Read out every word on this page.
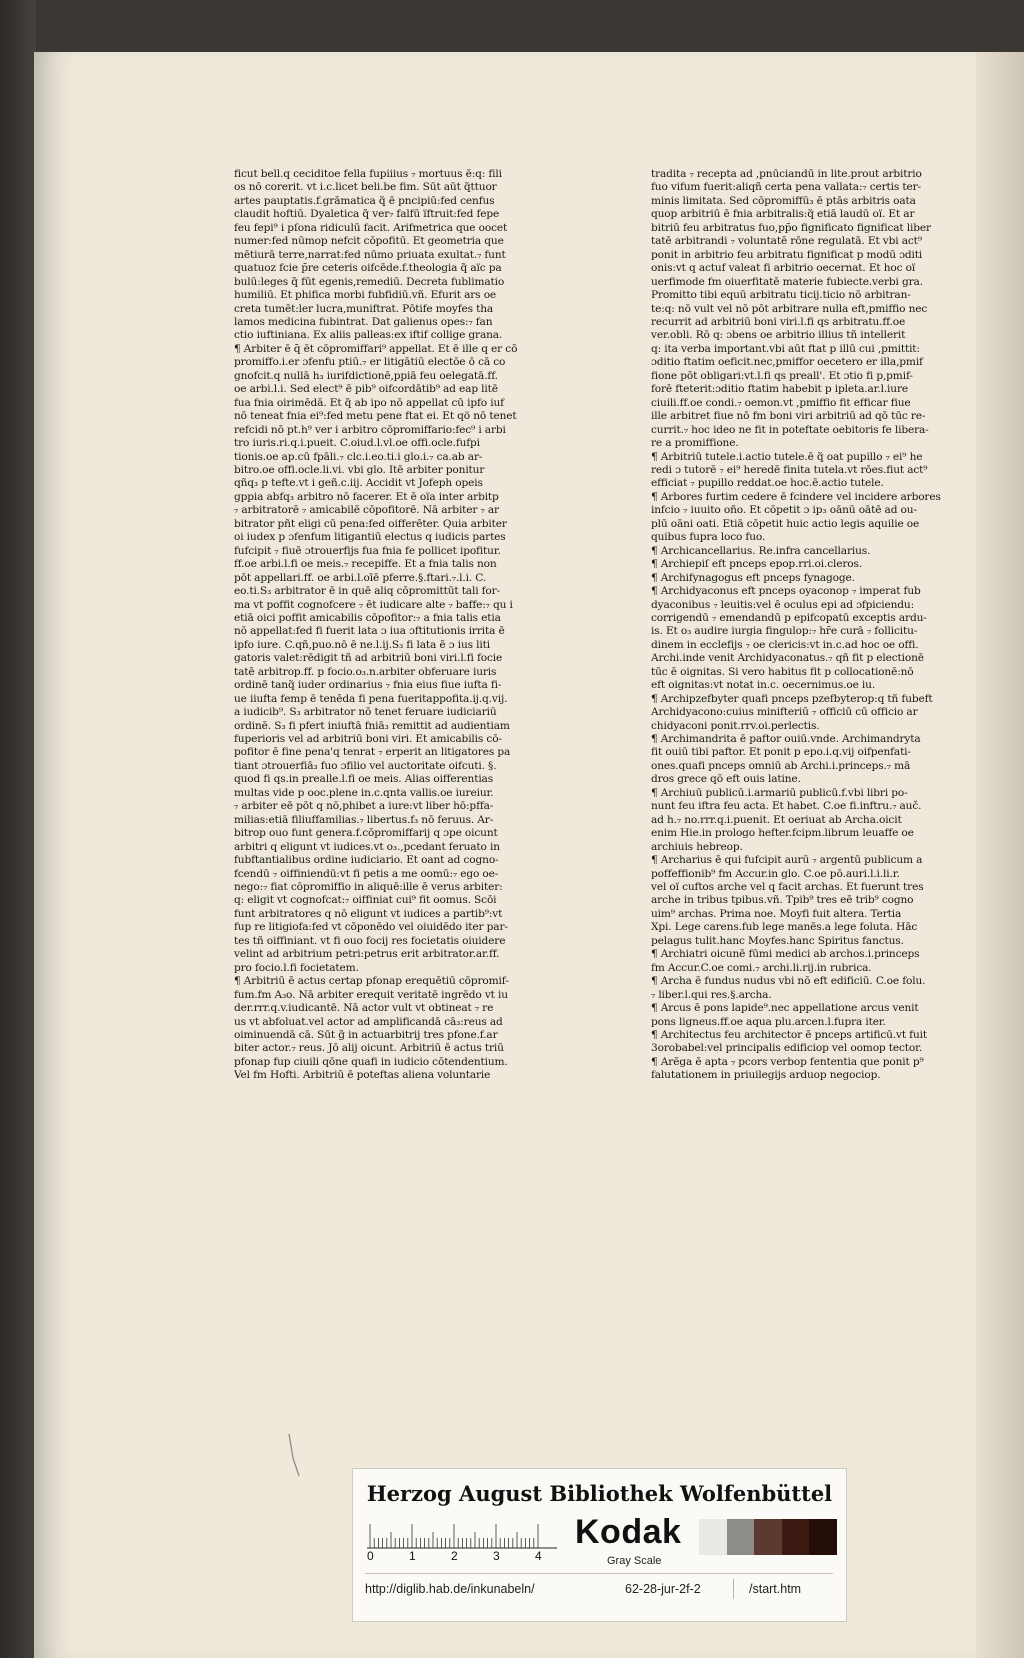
ficut bell.q ceciditoe fella fupiiius ₇ mortuus ē:q: fili

os nō corerit. vt i.c.licet beli.be fim. Sūt aūt q̃ttuor

artes pauptatis.f.grāmatica q̃ ē pncipiū:fed cenfus

claudit hoftiū. Dyaletica q̃ ver₇ falfū ïftruit:fed fepe

feu fepi⁹ i pſona ridiculū facit. Arifmetrica que oocet

numer:fed nūmop nefcit cōpofitū. Et geometria que

mētiurā terre,narrat:fed nūmo priuata exultat.₇ funt

quatuoz fcie p̄re ceteris oifcēde.f.theologia q̃ aïc pa

bulū:leges q̃ fūt egenis,remediū. Decreta fublimatio

humiliū. Et phifica morbi fubfidiū.vñ. Efurit ars oe

creta tumēt:ler lucra,muniftrat. Pōtife moyfes tha

lamos medicina fubintrat. Dat galienus opes:₇ fan

ctio iuftiniana. Ex aliis palleas:ex iftif collige grana.

¶ Arbiter ē q̄ ēt cōpromiffari⁹ appellat. Et ē ille q er cō

promiffo.i.er ɔfenfu ptiū.₇ er litigātiū electōe ō cā co

gnofcit.q nullā h₃ iurifdictionē,ppiā feu oelegatā.ff.

oe arbi.l.i. Sed elect⁹ ē pib⁹ oifcordātib⁹ ad eap litē

fua fnia oirimēdā. Et q̃ ab ipo nō appellat cū ipfo iuf

nō teneat fnia ei⁹:fed metu pene ftat ei. Et qö nō tenet

refcidi nō pt.h⁹ ver i arbitro cōpromiffario:fec⁹ i arbi

tro iuris.ri.q.i.pueit. C.oiud.l.vl.oe offi.ocle.fufpi

tionis.oe ap.cū fpāli.₇ clc.i.eo.ti.i glo.i.₇ ca.ab ar-

bitro.oe offi.ocle.li.vi. vbi glo. Itē arbiter ponitur

qñq₃ p tefte.vt i geñ.c.iij. Accidit vt Jofeph opeis

gppia abfq₃ arbitro nō facerer. Et ē oïa inter arbitp

₇ arbitratorē ₇ amicabilē cōpofitorē. Nā arbiter ₇ ar

bitrator pñt eligi cū pena:fed oifferēter. Quia arbiter

oi iudex p ɔfenfum litigantiū electus q iudicis partes

fufcipit ₇ fiuē ɔtrouerfijs fua fnia fe pollicet ipofitur.

ff.oe arbi.l.fi oe meis.₇ recepiffe. Et a fnia talis non

pōt appellari.ff. oe arbi.l.oīē pferre.§.ftari.₇.l.i. C.

eo.ti.S₃ arbitrator ē in quē aliq cōpromittūt tali for-

ma vt poffit cognofcere ₇ ēt iudicare alte ₇ baffe:₇ qu i

etiā oici poffit amicabilis cōpofitor:₇ a fnia talis etia

nō appellat:fed fi fuerit lata ɔ iua ɔftitutionis irrita ē

ipfo iure. C.qñ,puo.nō ē ne.l.ij.S₃ fi lata ē ɔ ius liti

gatoris valet:rēdigit tñ ad arbitriū boni viri.l.fi focie

tatē arbitrop.ff. p focio.o₃.n.arbiter obferuare iuris

ordinē tanq̃ iuder ordinarius ₇ fnia eius fiue iufta fi-

ue iiufta femp ē tenēda fi pena fueritappofita.ij.q.vij.

a iudicib⁹. S₃ arbitrator nō tenet feruare iudiciariū

ordinē. S₃ fi pfert iniuftā fniā₃ remittit ad audientiam

fuperioris vel ad arbitriū boni viri. Et amicabilis cō-

pofitor ē fine pena'q tenrat ₇ erperit an litigatores pa

tiant ɔtrouerfiā₃ fuo ɔfilio vel auctoritate oifcuti. §.

quod fi qs.in prealle.l.fi oe meis. Alias oifferentias

multas vide p ooc.plene in.c.qnta vallis.oe iureiur.

₇ arbiter eē pōt q nō,phibet a iure:vt liber hō:pffa-

milias:etiā filiuffamilias.₇ libertus.f₃ nō feruus. Ar-

bitrop ouo funt genera.f.cōpromiffarij q ɔpe oicunt

arbitri q eligunt vt iudices.vt o₃.,pcedant feruato in

fubftantialibus ordine iudiciario. Et oant ad cogno-

fcendū ₇ oiffiniendū:vt fi petis a me oomū:₇ ego oe-

nego:₇ fiat cōpromiffio in aliquē:ille ē verus arbiter:

q: eligit vt cognofcat:₇ oiffiniat cui⁹ fit oomus. Scōi

funt arbitratores q nō eligunt vt iudices a partib⁹:vt

fup re litigiofa:fed vt cōponēdo vel oiuidēdo iter par-

tes tñ oiffiniant. vt fi ouo focij res focietatis oiuidere

velint ad arbitrium petri:petrus erit arbitrator.ar.ff.

pro focio.l.fi focietatem.

¶ Arbitriū ē actus certap pfonap erequētiū cōpromif-

fum.fm A₃o. Nā arbiter erequit veritatē ingrēdo vt iu

der.rrr.q.v.iudicantē. Nā actor vult vt obtineat ₇ re

us vt abfoluat.vel actor ad amplificandā cā₃:reus ad

oiminuendā cā. Sūt g̃ in actuarbitrij tres pfone.f.ar

biter actor.₇ reus. Jō alij oicunt. Arbitriū ē actus triū

pfonap fup ciuili qōne quafi in iudicio cōtendentium.

Vel fm Hofti. Arbitriū ē poteftas aliena voluntarie

tradita ₇ recepta ad ,pnūciandū in lite.prout arbitrio

fuo vifum fuerit:aliqñ certa pena vallata:₇ certis ter-

minis limitata. Sed cōpromiffū₃ ē ptās arbitris oata

quop arbitriū ē fnia arbitralis:q̃ etiā laudū oï. Et ar

bitriū feu arbitratus fuo,pp̄o fignificato fignificat liber

tatē arbitrandi ₇ voluntatē rōne regulatā. Et vbi act⁹

ponit in arbitrio feu arbitratu fignificat p modū ɔditi

onis:vt q actuf valeat fi arbitrio oecernat. Et hoc oï

uerfimode fm oiuerfitatē materie fubiecte.verbi gra.

Promitto tibi equū arbitratu ticij.ticio nō arbitran-

te:q: nō vult vel nō pōt arbitrare nulla eft,pmiffio nec

recurrit ad arbitriū boni viri.l.fi qs arbitratu.ff.oe

ver.obli. Rō q: ɔbens oe arbitrio illius tñ intellerit

q: ita verba important.vbi aūt ftat p illū cui ,pmittit:

ɔditio ftatim oeficit.nec,pmiffor oecetero er illa,pmif

fione pōt obligari:vt.l.fi qs preall'. Et ɔtio fi p,pmif-

forē fteterit:ɔditio ftatim habebit p ipleta.ar.l.iure

ciuili.ff.oe condi.₇ oemon.vt ,pmiffio fit efficar fiue

ille arbitret fiue nō fm boni viri arbitriū ad qō tūc re-

currit.₇ hoc ideo ne fit in poteftate oebitoris fe libera-

re a promiffione.

¶ Arbitriū tutele.i.actio tutele.ē q̃ oat pupillo ₇ ei⁹ he

redi ɔ tutorē ₇ ei⁹ heredē finita tutela.vt rōes.fiut act⁹

efficiat ₇ pupillo reddat.oe hoc.ē.actio tutele.

¶ Arbores furtim cedere ē fcindere vel incidere arbores

infcio ₇ iuuito oño. Et cōpetit ɔ ip₃ oānū oātē ad ou-

plū oāni oati. Etiā cōpetit huic actio legis aquilie oe

quibus fupra loco fuo.

¶ Archicancellarius. Re.infra cancellarius.

¶ Archiepiſ eft pnceps epop.rri.oi.cleros.

¶ Archifynagogus eft pnceps fynagoge.

¶ Archidyaconus eft pnceps oyaconop ₇ imperat fub

dyaconibus ₇ leuitis:vel ē oculus epi ad ɔfpiciendu:

corrigendū ₇ emendandū p epifcopatū exceptis ardu-

is. Et o₃ audire iurgia fingulop:₇ hr̄e curā ₇ follicitu-

dinem in ecclefijs ₇ oe clericis:vt in.c.ad hoc oe offi.

Archi.inde venit Archidyaconatus.₇ qñ fit p electionē

tūc ē oignitas. Si vero habitus fit p collocationē:nō

eft oignitas:vt notat in.c. oecernimus.oe iu.

¶ Archipzefbyter quafi pnceps pzefbyterop:q tñ fubeft

Archidyacono:cuius minifteriū ₇ officiū cū officio ar

chidyaconi ponit.rrv.oi.perlectis.

¶ Archimandrita ē paftor ouiū.vnde. Archimandryta

fit ouiū tibi paftor. Et ponit p epo.i.q.vij oifpenfati-

ones.quafi pnceps omniū ab Archi.i.princeps.₇ mā

dros grece qō eft ouis latine.

¶ Archiuū publicū.i.armariū publicū.f.vbi libri po-

nunt feu iftra feu acta. Et habet. C.oe fi.inftru.₇ auč.

ad h.₇ no.rrr.q.i.puenit. Et oeriuat ab Archa.oicit

enim Hie.in prologo hefter.fcipm.librum leuaffe oe

archiuis hebreop.

¶ Archarius ē qui fufcipit aurū ₇ argentū publicum a

poffeffionib⁹ fm Accur.in glo. C.oe pō.auri.l.i.li.r.

vel oï cuftos arche vel q facit archas. Et fuerunt tres

arche in tribus tpibus.vñ. Tpib⁹ tres eē trib⁹ cogno

uim⁹ archas. Prima noe. Moyfi fuit altera. Tertia

Xpi. Lege carens.fub lege manēs.a lege foluta. Hāc

pelagus tulit.hanc Moyfes.hanc Spiritus fanctus.

¶ Archiatri oicunē fūmi medici ab archos.i.princeps

fm Accur.C.oe comi.₇ archi.li.rij.in rubrica.

¶ Archa ē fundus nudus vbi nō eft edificiū. C.oe folu.

₇ liber.l.qui res.§.archa.

¶ Arcus ē pons lapide⁹.nec appellatione arcus venit

pons ligneus.ff.oe aqua plu.arcen.l.fupra iter.

¶ Architectus feu architector ē pnceps artificū.vt fuit

3orobabel:vel principalis edificiop vel oomop tector.

¶ Arēga ē apta ₇ pcors verbop fententia que ponit p⁹

falutationem in priuilegijs arduop negociop.

Herzog August Bibliothek Wolfenbüttel
0	1	2	3	4
Kodak
Gray Scale
http://diglib.hab.de/inkunabeln/	62-28-jur-2f-2	/start.htm
